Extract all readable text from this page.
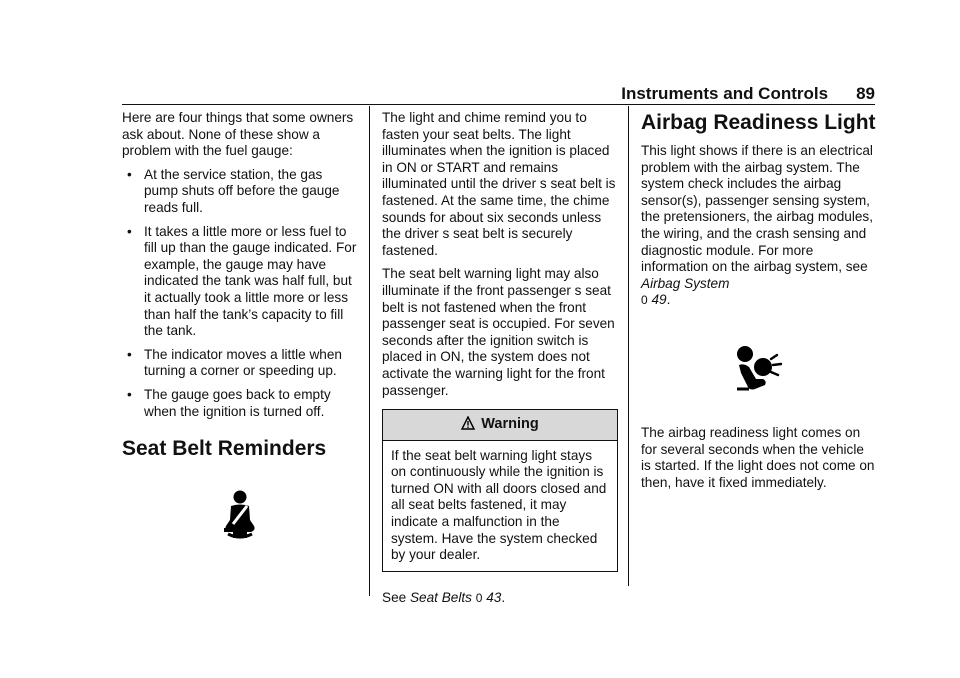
Instruments and Controls 89

Here are four things that some owners ask about. None of these show a problem with the fuel gauge:

• At the service station, the gas pump shuts off before the gauge reads full.
• It takes a little more or less fuel to fill up than the gauge indicated. For example, the gauge may have indicated the tank was half full, but it actually took a little more or less than half the tank’s capacity to fill the tank.
• The indicator moves a little when turning a corner or speeding up.
• The gauge goes back to empty when the ignition is turned off.
Seat Belt Reminders

The light and chime remind you to fasten your seat belts. The light illuminates when the ignition is placed in ON or START and remains illuminated until the driver s seat belt is fastened. At the same time, the chime sounds for about six seconds unless the driver s seat belt is securely fastened.

The seat belt warning light may also illuminate if the front passenger s seat belt is not fastened when the front passenger seat is occupied. For seven seconds after the ignition switch is placed in ON, the system does not activate the warning light for the front passenger.

Warning
If the seat belt warning light stays on continuously while the ignition is turned ON with all doors closed and all seat belts fastened, it may indicate a malfunction in the system. Have the system checked by your dealer.

See Seat Belts 0 43.

Airbag Readiness Light

This light shows if there is an electrical problem with the airbag system. The system check includes the airbag sensor(s), passenger sensing system, the pretensioners, the airbag modules, the wiring, and the crash sensing and diagnostic module. For more information on the airbag system, see Airbag System
0 49.

The airbag readiness light comes on for several seconds when the vehicle is started. If the light does not come on then, have it fixed immediately.
